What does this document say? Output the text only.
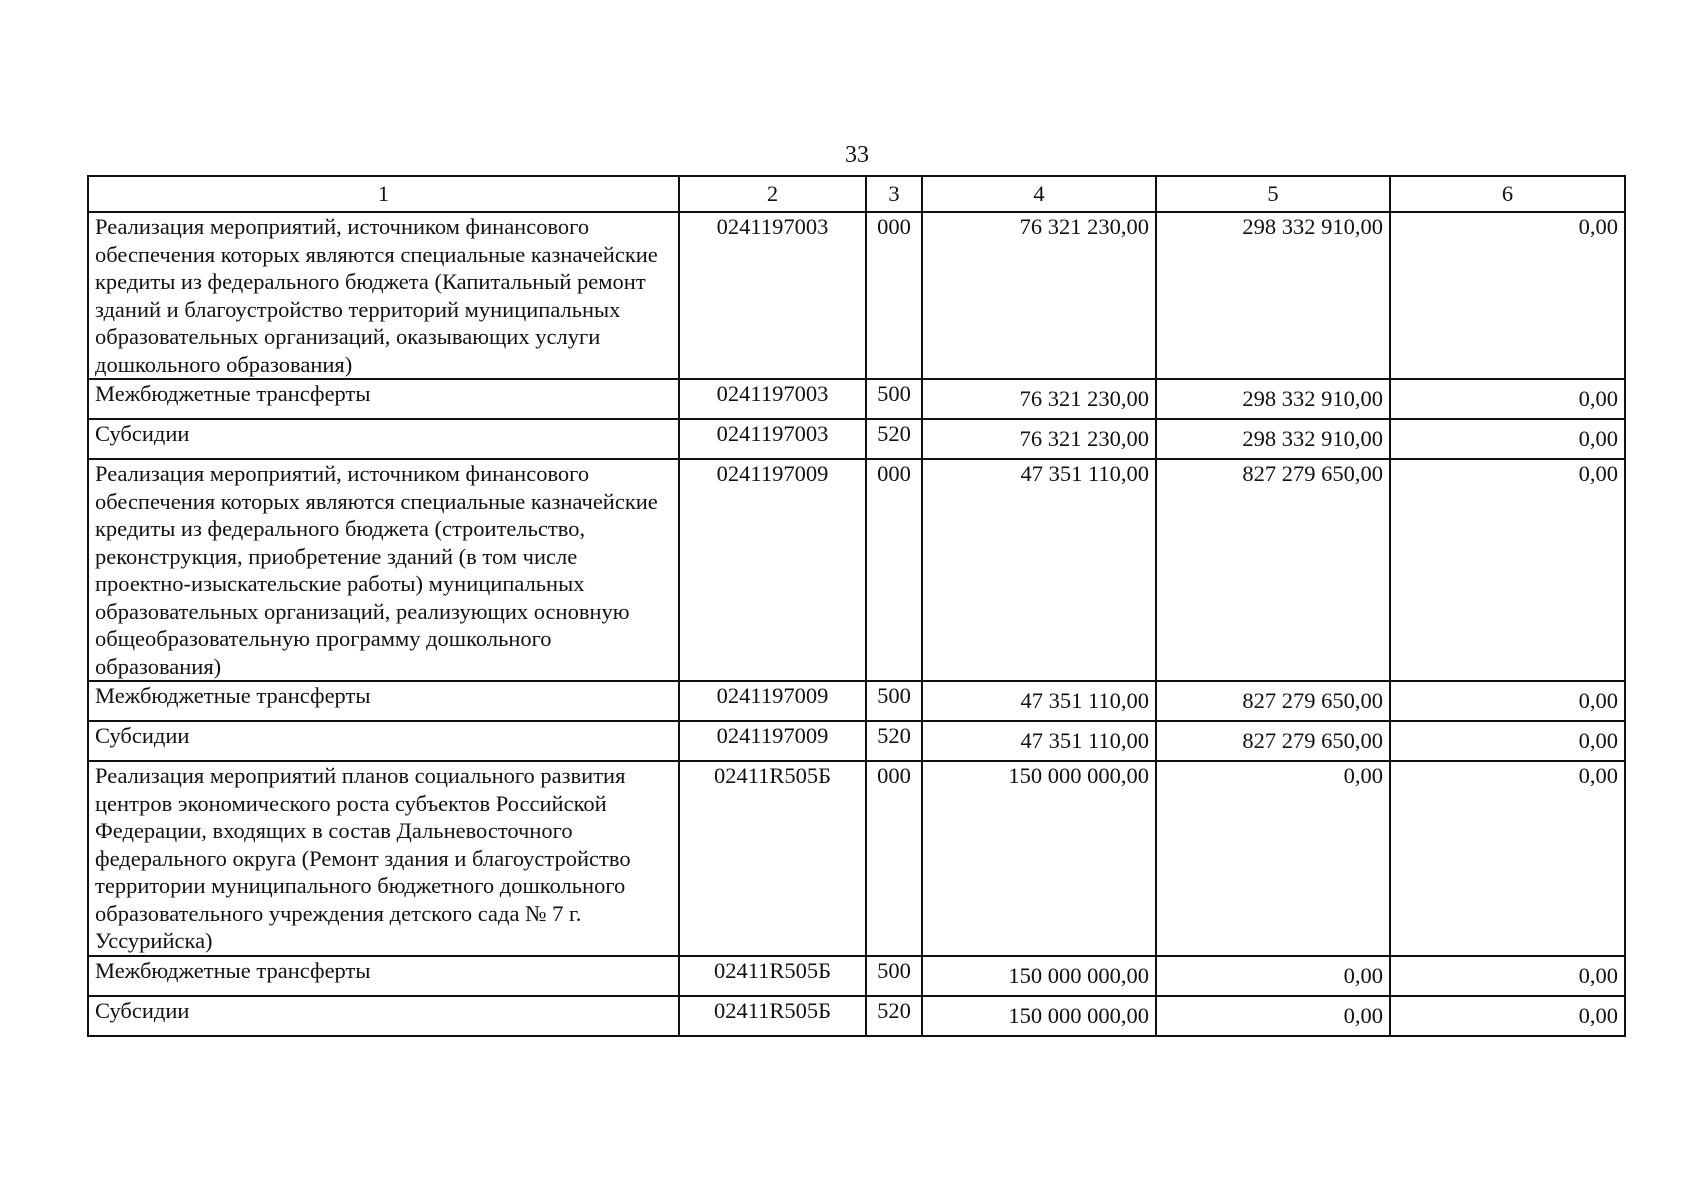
33
1	2	3	4	5	6
Реализация мероприятий, источником финансового обеспечения которых являются специальные казначейские кредиты из федерального бюджета (Капитальный ремонт зданий и благоустройство территорий муниципальных образовательных организаций, оказывающих услуги дошкольного образования)	0241197003	000	76 321 230,00	298 332 910,00	0,00
Межбюджетные трансферты	0241197003	500	76 321 230,00	298 332 910,00	0,00
Субсидии	0241197003	520	76 321 230,00	298 332 910,00	0,00
Реализация мероприятий, источником финансового обеспечения которых являются специальные казначейские кредиты из федерального бюджета (строительство, реконструкция, приобретение зданий (в том числе проектно-изыскательские работы) муниципальных образовательных организаций, реализующих основную общеобразовательную программу дошкольного образования)	0241197009	000	47 351 110,00	827 279 650,00	0,00
Межбюджетные трансферты	0241197009	500	47 351 110,00	827 279 650,00	0,00
Субсидии	0241197009	520	47 351 110,00	827 279 650,00	0,00
Реализация мероприятий планов социального развития центров экономического роста субъектов Российской Федерации, входящих в состав Дальневосточного федерального округа (Ремонт здания и благоустройство территории муниципального бюджетного дошкольного образовательного учреждения детского сада № 7 г. Уссурийска)	02411R505Б	000	150 000 000,00	0,00	0,00
Межбюджетные трансферты	02411R505Б	500	150 000 000,00	0,00	0,00
Субсидии	02411R505Б	520	150 000 000,00	0,00	0,00
